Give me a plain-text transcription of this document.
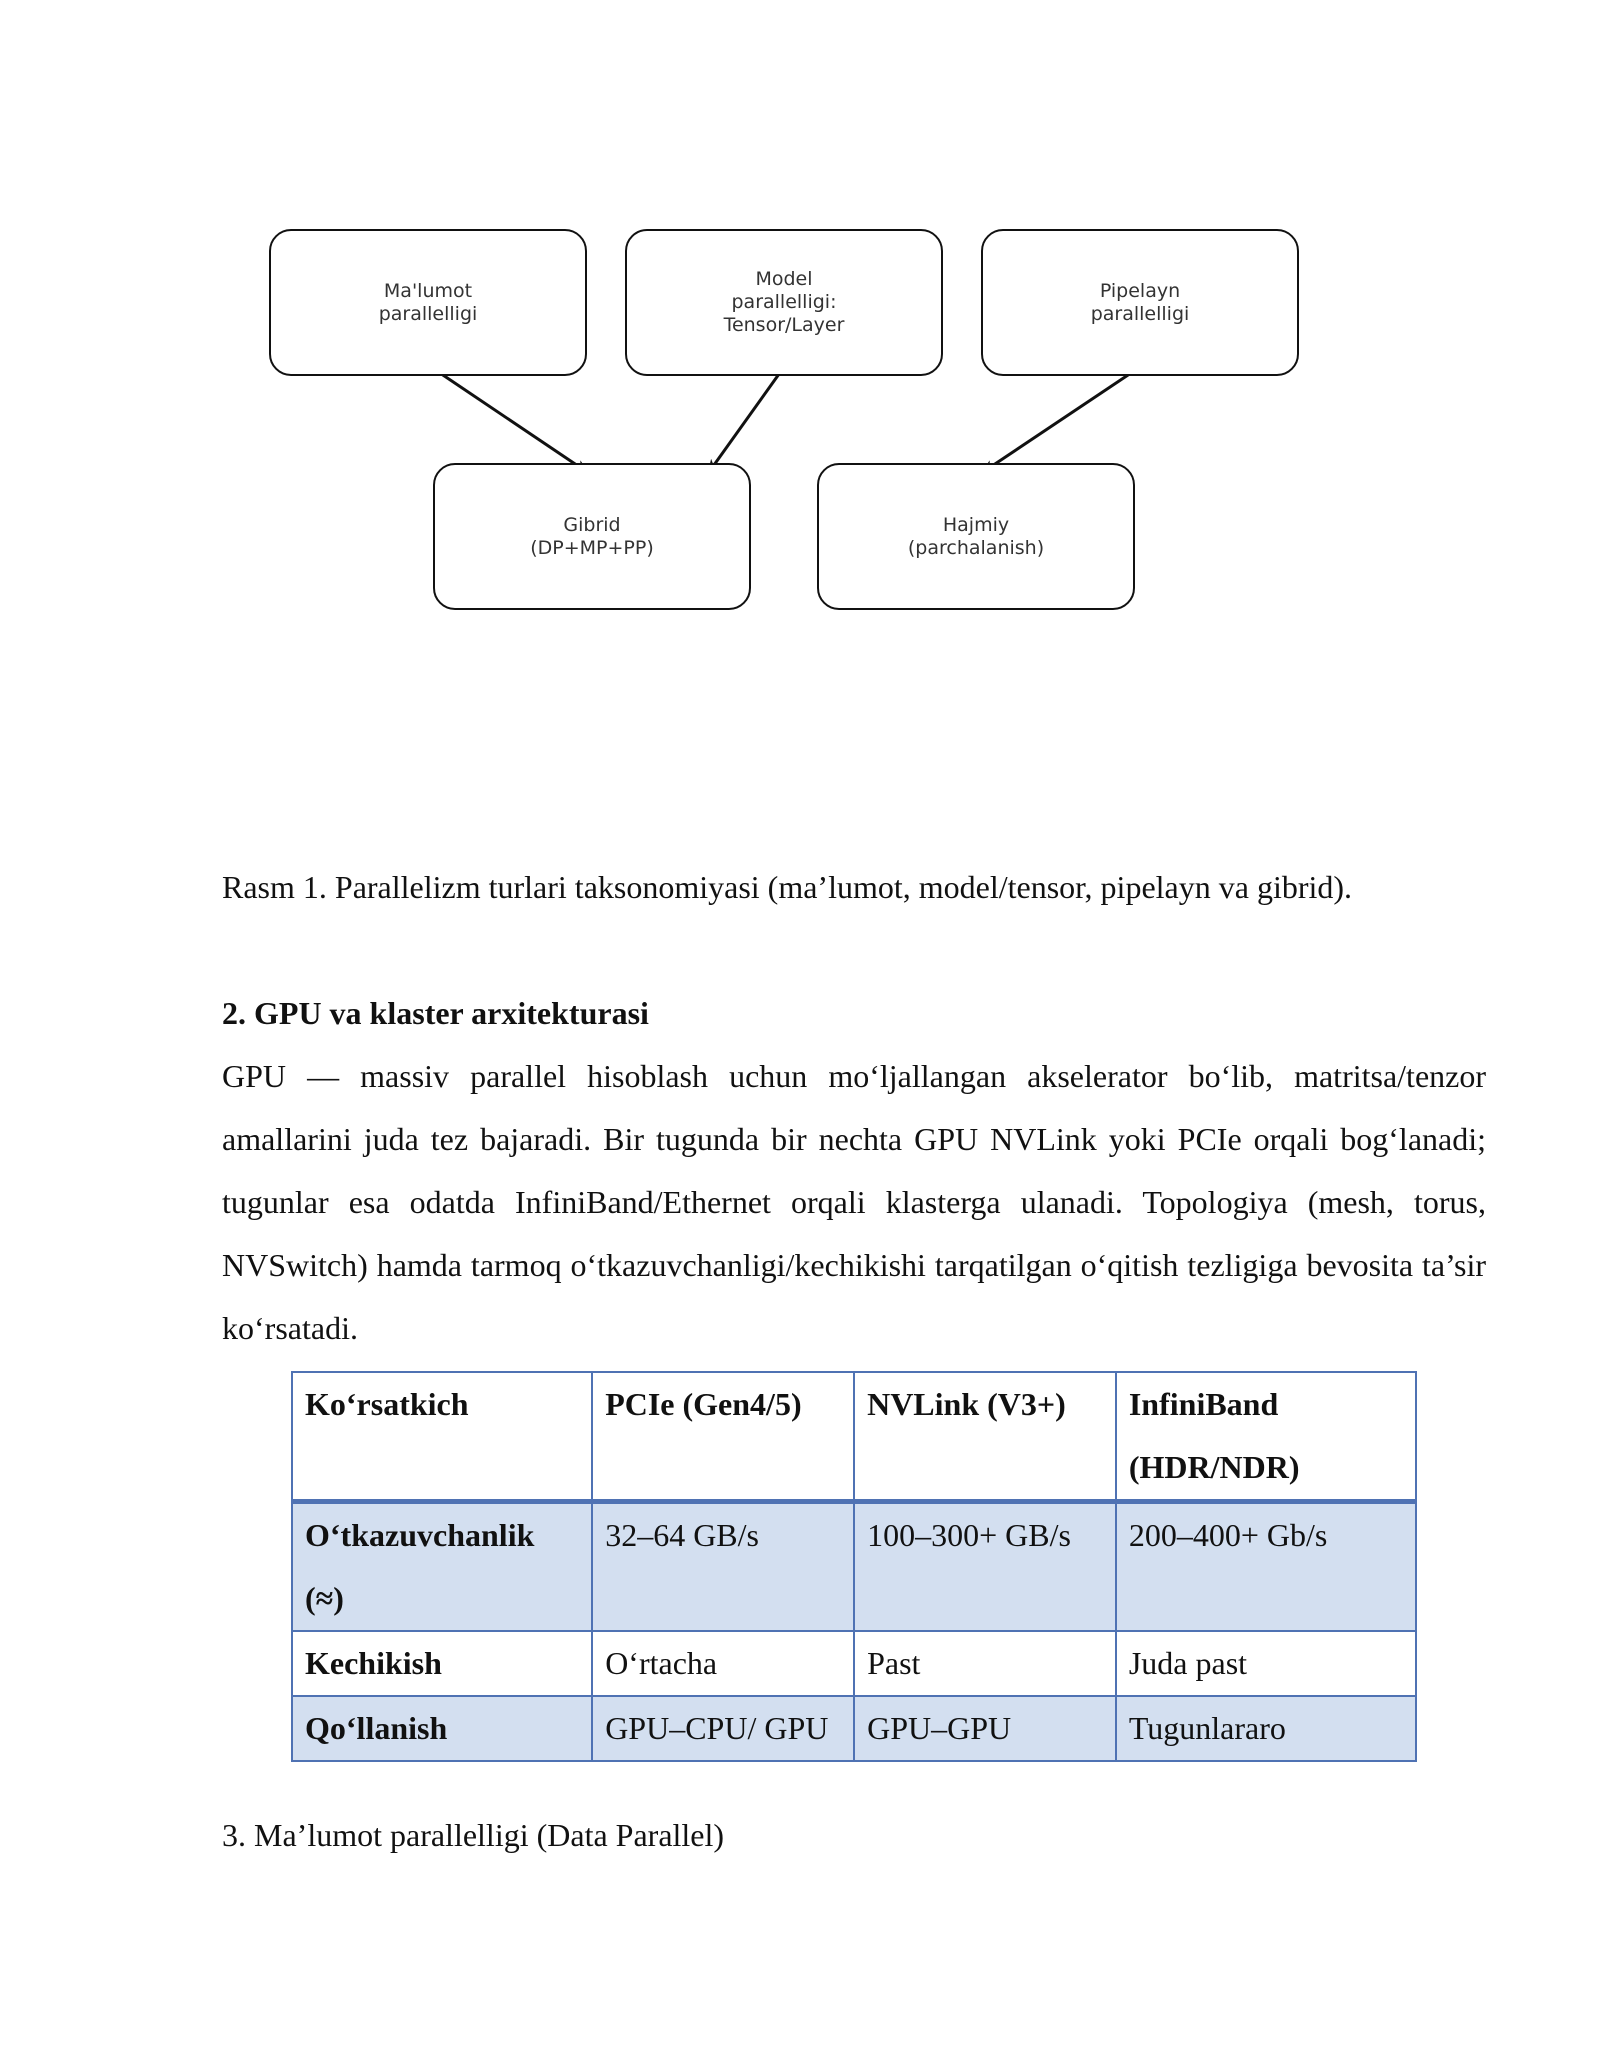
Ma'lumot
parallelligi
Model
parallelligi:
Tensor/Layer
Pipelayn
parallelligi
Gibrid
(DP+MP+PP)
Hajmiy
(parchalanish)
Rasm 1. Parallelizm turlari taksonomiyasi (ma’lumot, model/tensor, pipelayn va gibrid).
2. GPU va klaster arxitekturasi
GPU — massiv parallel hisoblash uchun mo‘ljallangan akselerator bo‘lib, matritsa/tenzor amallarini juda tez bajaradi. Bir tugunda bir nechta GPU NVLink yoki PCIe orqali bog‘lanadi; tugunlar esa odatda InfiniBand/Ethernet orqali klasterga ulanadi. Topologiya (mesh, torus, NVSwitch) hamda tarmoq o‘tkazuvchanligi/kechikishi tarqatilgan o‘qitish tezligiga bevosita ta’sir ko‘rsatadi.
Ko‘rsatkich	PCIe (Gen4/5)	NVLink (V3+)	InfiniBand (HDR/NDR)
O‘tkazuvchanlik (≈)	32–64 GB/s	100–300+ GB/s	200–400+ Gb/s
Kechikish	O‘rtacha	Past	Juda past
Qo‘llanish	GPU–CPU/ GPU	GPU–GPU	Tugunlararo
3. Ma’lumot parallelligi (Data Parallel)
